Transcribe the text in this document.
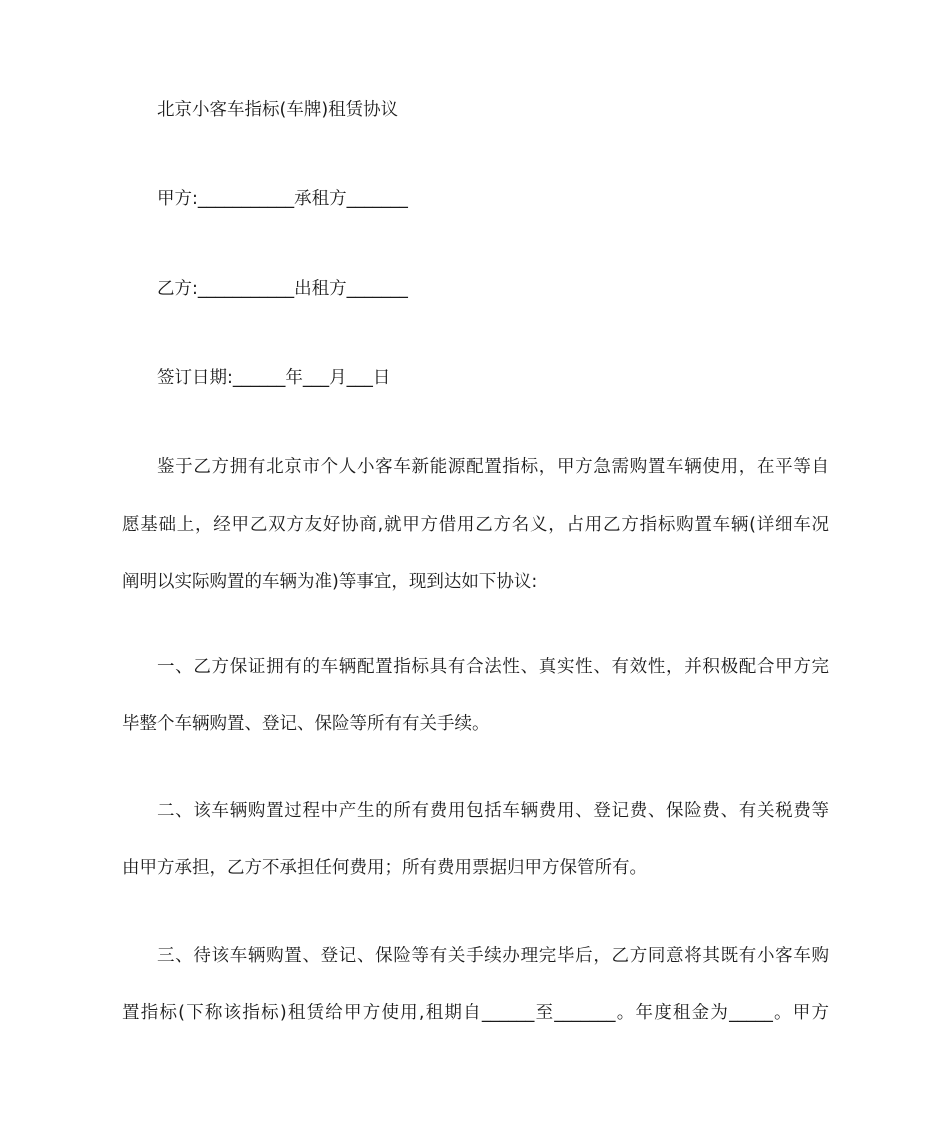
北京小客车指标(车牌)租赁协议
甲方:___________承租方_______
乙方:___________出租方_______
签订日期:______年___月___日
鉴于乙方拥有北京市个人小客车新能源配置指标，甲方急需购置车辆使用，在平等自
愿基础上，经甲乙双方友好协商,就甲方借用乙方名义，占用乙方指标购置车辆(详细车况
阐明以实际购置的车辆为准)等事宜，现到达如下协议:
一、乙方保证拥有的车辆配置指标具有合法性、真实性、有效性，并积极配合甲方完
毕整个车辆购置、登记、保险等所有有关手续。
二、该车辆购置过程中产生的所有费用包括车辆费用、登记费、保险费、有关税费等
由甲方承担，乙方不承担任何费用；所有费用票据归甲方保管所有。
三、待该车辆购置、登记、保险等有关手续办理完毕后，乙方同意将其既有小客车购
置指标(下称该指标)租赁给甲方使用,租期自______至_______。年度租金为_____。甲方
